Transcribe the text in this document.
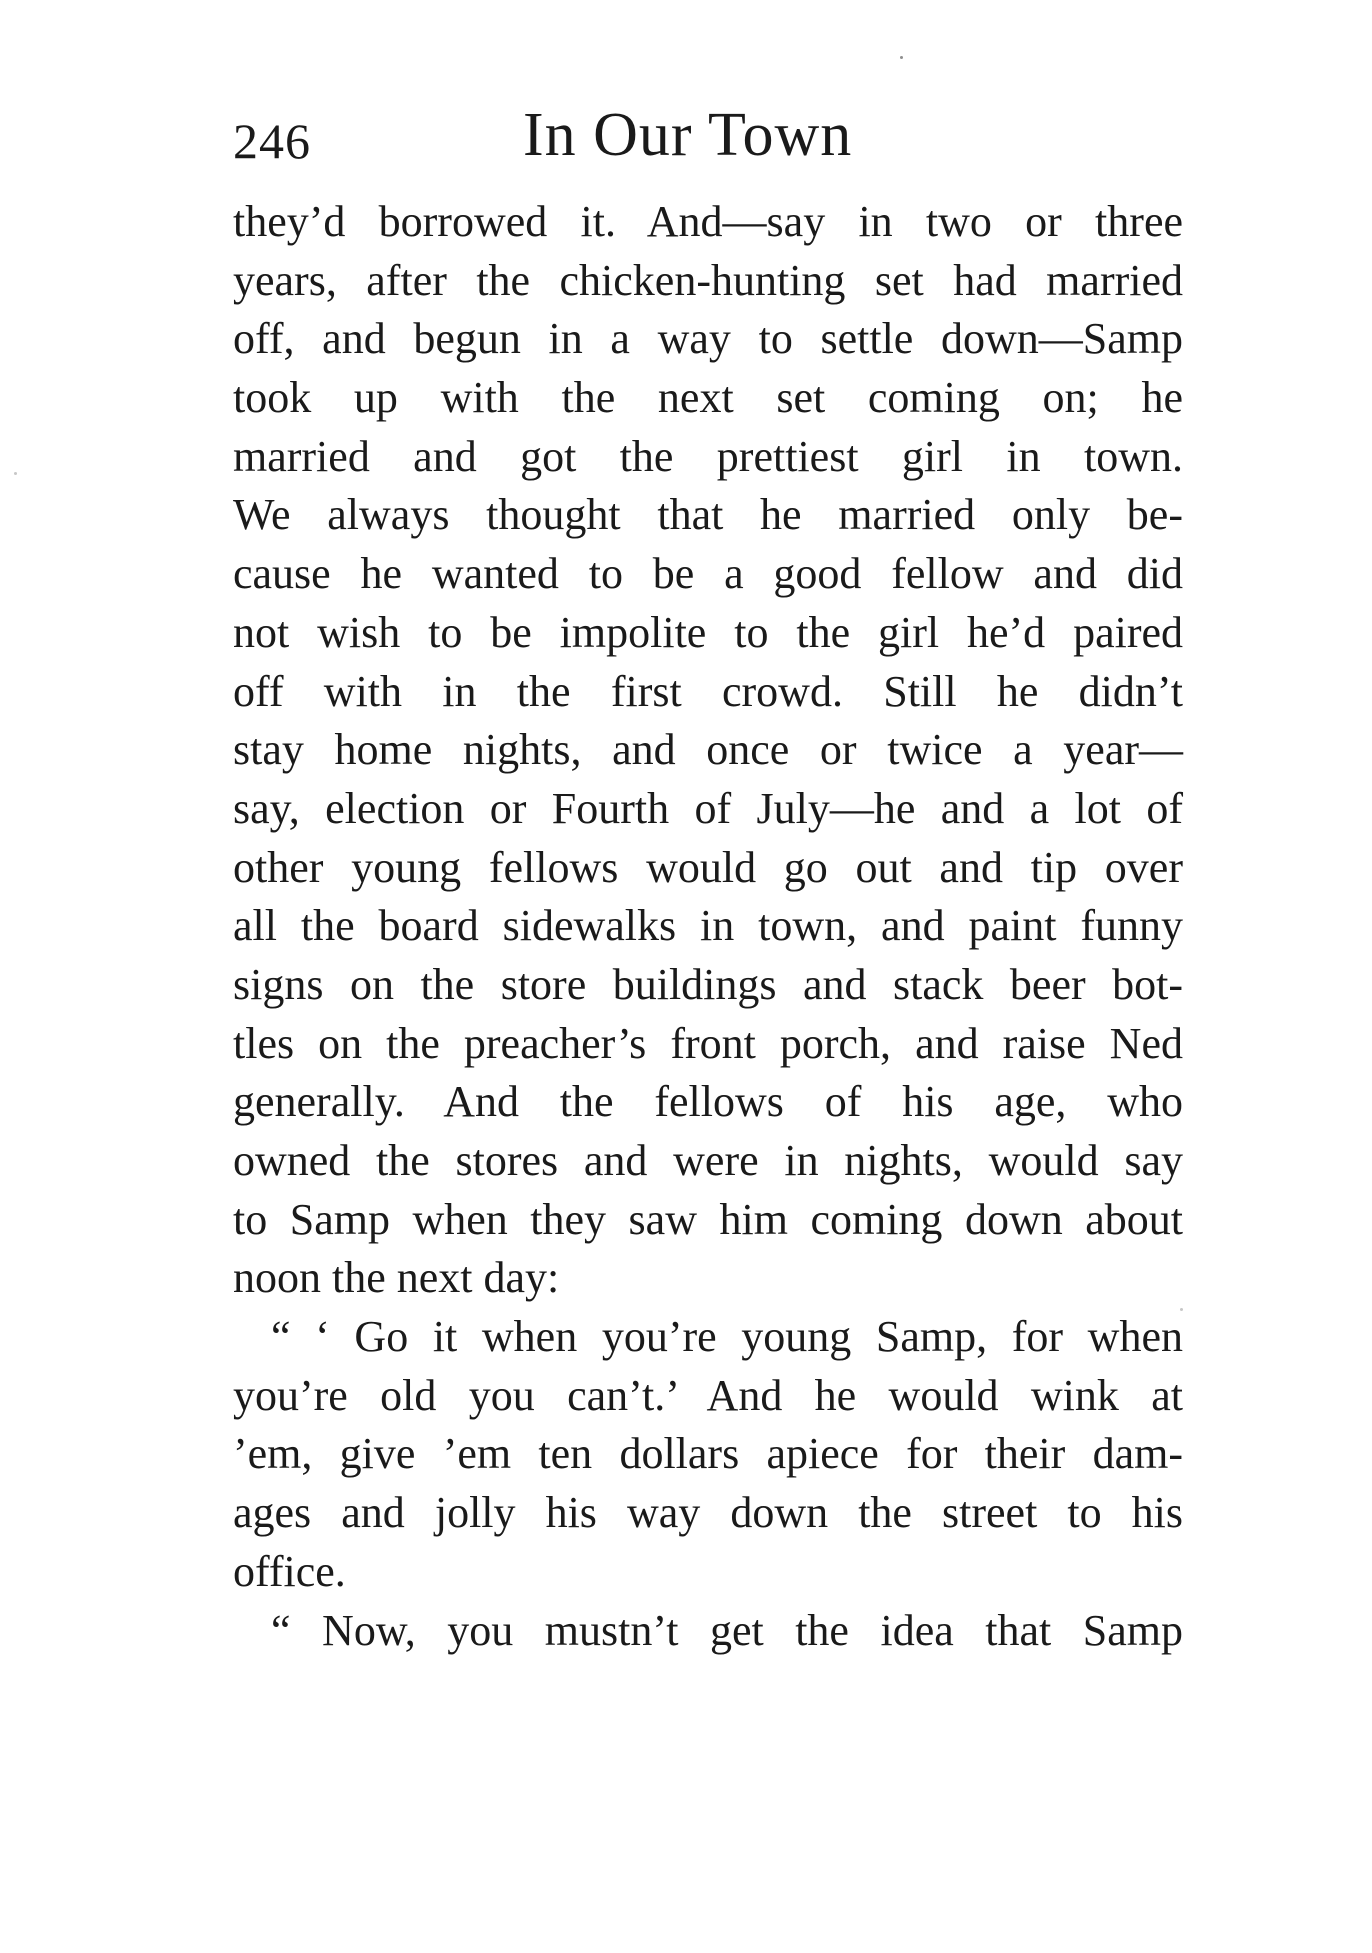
246	In Our Town
they’d borrowed it. And—say in two or three
years, after the chicken-hunting set had married
off, and begun in a way to settle down—Samp
took up with the next set coming on; he
married and got the prettiest girl in town.
We always thought that he married only be-
cause he wanted to be a good fellow and did
not wish to be impolite to the girl he’d paired
off with in the first crowd. Still he didn’t
stay home nights, and once or twice a year—
say, election or Fourth of July—he and a lot of
other young fellows would go out and tip over
all the board sidewalks in town, and paint funny
signs on the store buildings and stack beer bot-
tles on the preacher’s front porch, and raise Ned
generally. And the fellows of his age, who
owned the stores and were in nights, would say
to Samp when they saw him coming down about
noon the next day:
“ ‘ Go it when you’re young Samp, for when
you’re old you can’t.’ And he would wink at
’em, give ’em ten dollars apiece for their dam-
ages and jolly his way down the street to his
office.
“ Now, you mustn’t get the idea that Samp
